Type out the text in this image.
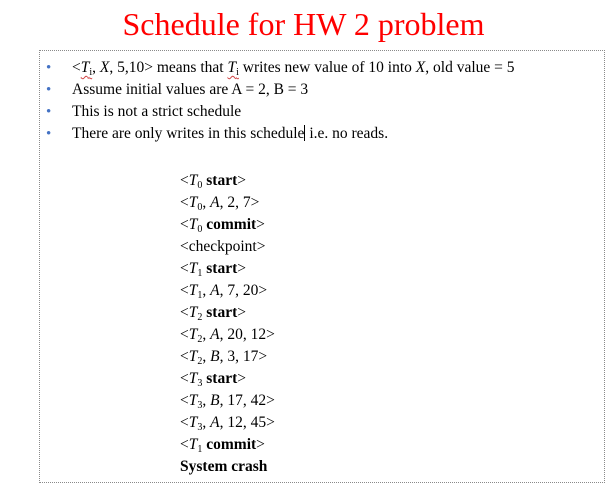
Schedule for HW 2 problem
• $<T_i$, X, 5,10> means that $T_i$ writes new value of 10 into X, old value = 5
• Assume initial values are A = 2, B = 3
• This is not a strict schedule
• There are only writes in this schedule i.e. no reads.
$<T_0$ start>
$<T_0$, A, 2, 7>
$<T_0$ commit>
<checkpoint>
$<T_1$ start>
$<T_1$, A, 7, 20>
$<T_2$ start>
$<T_2$, A, 20, 12>
$<T_2$, B, 3, 17>
$<T_3$ start>
$<T_3$, B, 17, 42>
$<T_3$, A, 12, 45>
$<T_1$ commit>
System crash
